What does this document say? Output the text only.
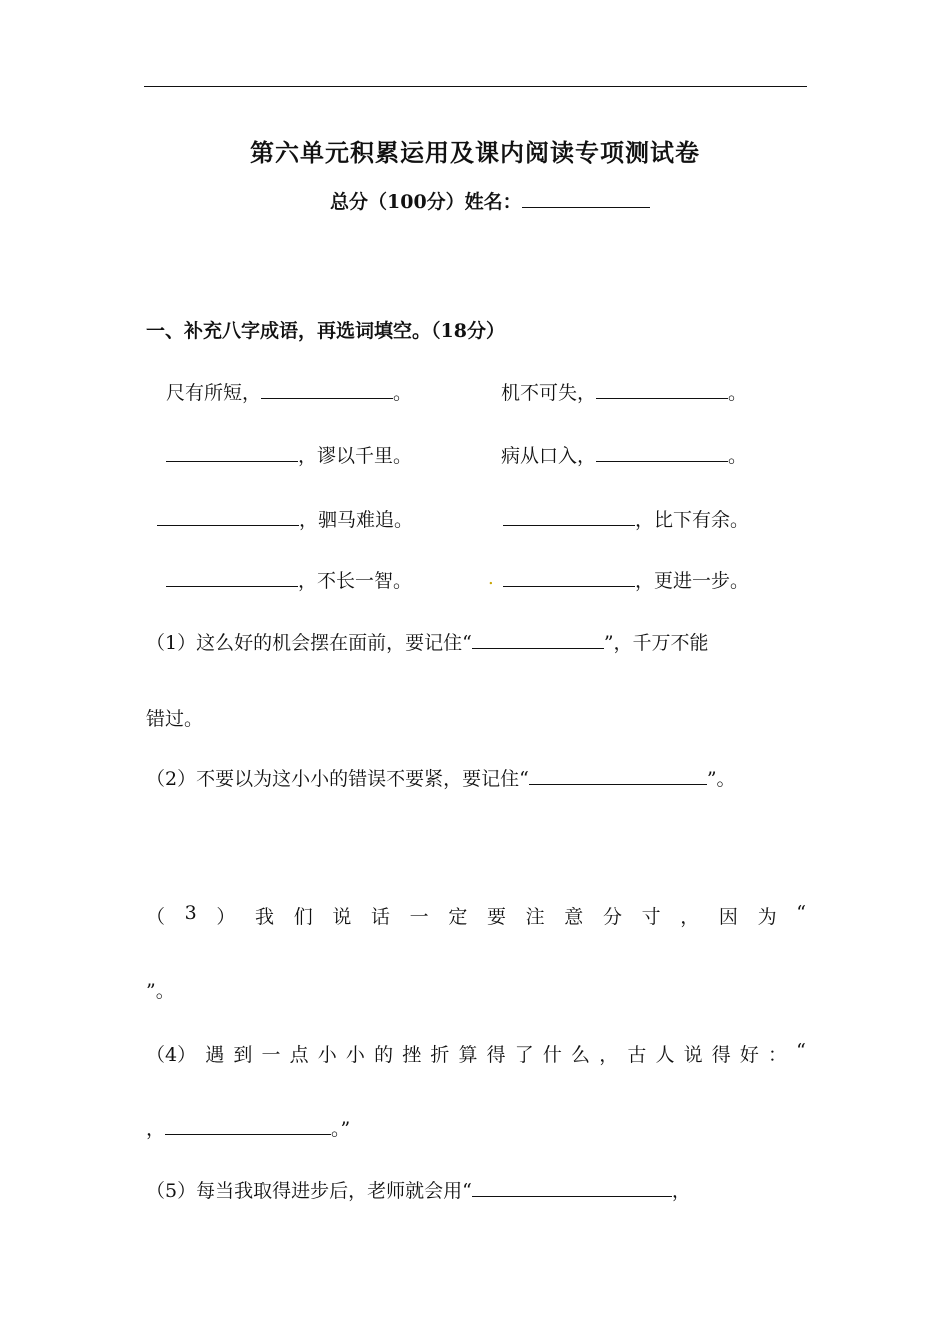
第六单元积累运用及课内阅读专项测试卷
总分（100分）姓名：
一、补充八字成语，再选词填空。（18分）
尺有所短，	。	机不可失，	。
，谬以千里。	病从口入，	。
，驷马难追。	，比下有余。
，不长一智。	.	，更进一步。
（1）这么好的机会摆在面前，要记住“	”，千万不能
错过。
（2）不要以为这小小的错误不要紧，要记住“	”。
（ 3 ） 我 们 说 话 一 定 要 注 意 分 寸 ， 因 为 “
”。
（4） 遇 到 一 点 小 小 的 挫 折 算 得 了 什 么 ， 古 人 说 得 好 ： “
，	。”
（5）每当我取得进步后，老师就会用“	，
